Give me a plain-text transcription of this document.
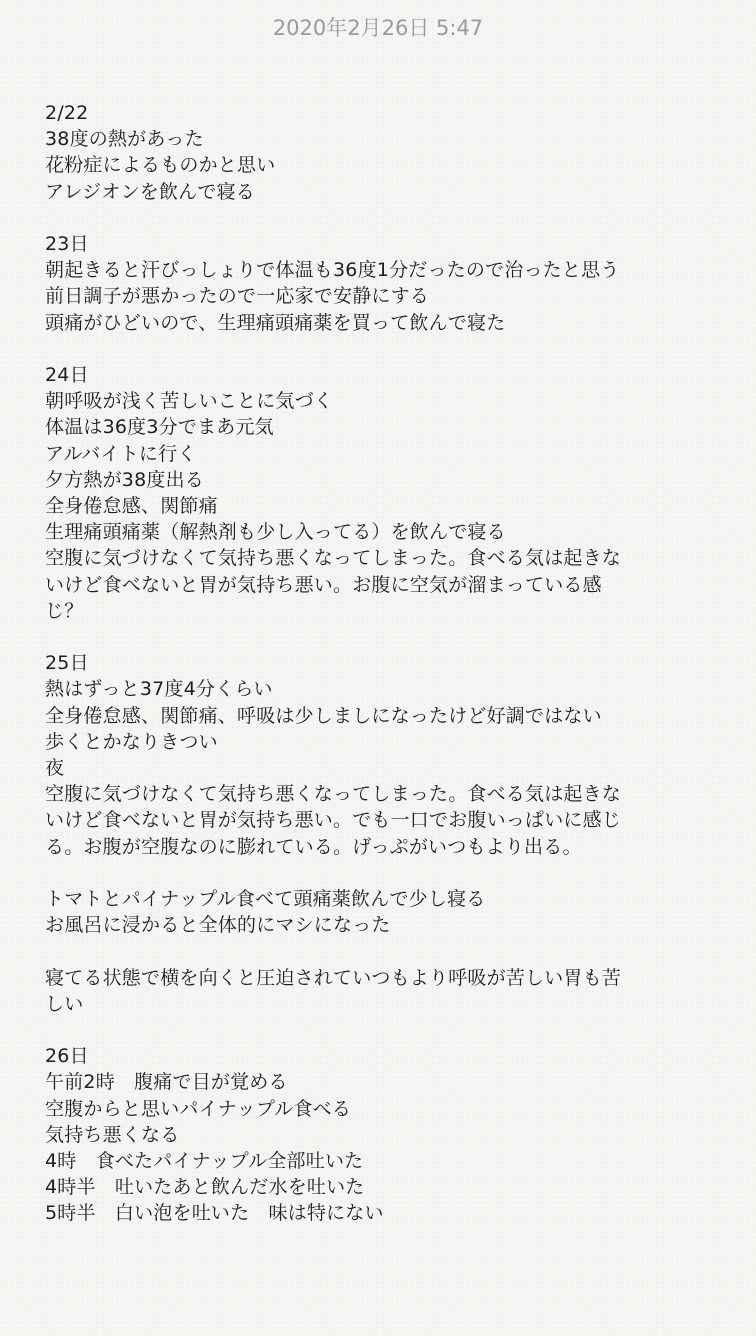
2020年2月26日 5:47
2/22
38度の熱があった
花粉症によるものかと思い
アレジオンを飲んで寝る
23日
朝起きると汗びっしょりで体温も36度1分だったので治ったと思う
前日調子が悪かったので一応家で安静にする
頭痛がひどいので、生理痛頭痛薬を買って飲んで寝た
24日
朝呼吸が浅く苦しいことに気づく
体温は36度3分でまあ元気
アルバイトに行く
夕方熱が38度出る
全身倦怠感、関節痛
生理痛頭痛薬（解熱剤も少し入ってる）を飲んで寝る
空腹に気づけなくて気持ち悪くなってしまった。食べる気は起きな
いけど食べないと胃が気持ち悪い。お腹に空気が溜まっている感
じ？
25日
熱はずっと37度4分くらい
全身倦怠感、関節痛、呼吸は少しましになったけど好調ではない
歩くとかなりきつい
夜
空腹に気づけなくて気持ち悪くなってしまった。食べる気は起きな
いけど食べないと胃が気持ち悪い。でも一口でお腹いっぱいに感じ
る。お腹が空腹なのに膨れている。げっぷがいつもより出る。
トマトとパイナップル食べて頭痛薬飲んで少し寝る
お風呂に浸かると全体的にマシになった
寝てる状態で横を向くと圧迫されていつもより呼吸が苦しい胃も苦
しい
26日
午前2時　腹痛で目が覚める
空腹からと思いパイナップル食べる
気持ち悪くなる
4時　食べたパイナップル全部吐いた
4時半　吐いたあと飲んだ水を吐いた
5時半　白い泡を吐いた　味は特にない
